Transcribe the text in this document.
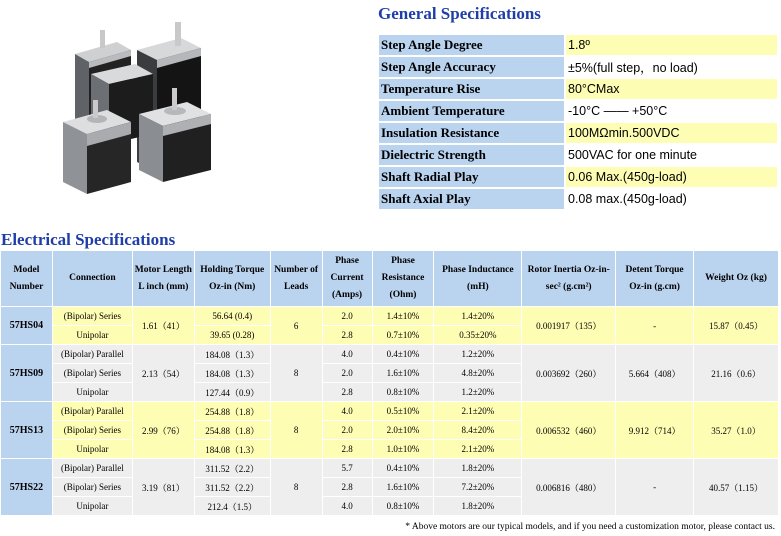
General Specifications
Step Angle Degree	1.8º
Step Angle Accuracy	±5%(full step，no load)
Temperature Rise	80°CMax
Ambient Temperature	-10°C —— +50°C
Insulation Resistance	100MΩmin.500VDC
Dielectric Strength	500VAC for one minute
Shaft Radial Play	0.06 Max.(450g-load)
Shaft Axial Play	0.08 max.(450g-load)
Electrical Specifications
Model Number	Connection	Motor Length L inch (mm)	Holding Torque Oz-in (Nm)	Number of Leads	Phase Current (Amps)	Phase Resistance (Ohm)	Phase Inductance (mH)	Rotor Inertia Oz-in-sec² (g.cm²)	Detent Torque Oz-in (g.cm)	Weight Oz (kg)
57HS04	(Bipolar) Series	1.61（41）	56.64 (0.4)	6	2.0	1.4±10%	1.4±20%	0.001917（135）	-	15.87（0.45）
	Unipolar		39.65 (0.28)		2.8	0.7±10%	0.35±20%			
57HS09	(Bipolar) Parallel	2.13（54）	184.08（1.3）	8	4.0	0.4±10%	1.2±20%	0.003692（260）	5.664（408）	21.16（0.6）
	(Bipolar) Series		184.08（1.3）		2.0	1.6±10%	4.8±20%			
	Unipolar		127.44（0.9）		2.8	0.8±10%	1.2±20%			
57HS13	(Bipolar) Parallel	2.99（76）	254.88（1.8）	8	4.0	0.5±10%	2.1±20%	0.006532（460）	9.912（714）	35.27（1.0）
	(Bipolar) Series		254.88（1.8）		2.0	2.0±10%	8.4±20%			
	Unipolar		184.08（1.3）		2.8	1.0±10%	2.1±20%			
57HS22	(Bipolar) Parallel	3.19（81）	311.52（2.2）	8	5.7	0.4±10%	1.8±20%	0.006816（480）	-	40.57（1.15）
	(Bipolar) Series		311.52（2.2）		2.8	1.6±10%	7.2±20%			
	Unipolar		212.4（1.5）		4.0	0.8±10%	1.8±20%			
* Above motors are our typical models, and if you need a customization motor, please contact us.
